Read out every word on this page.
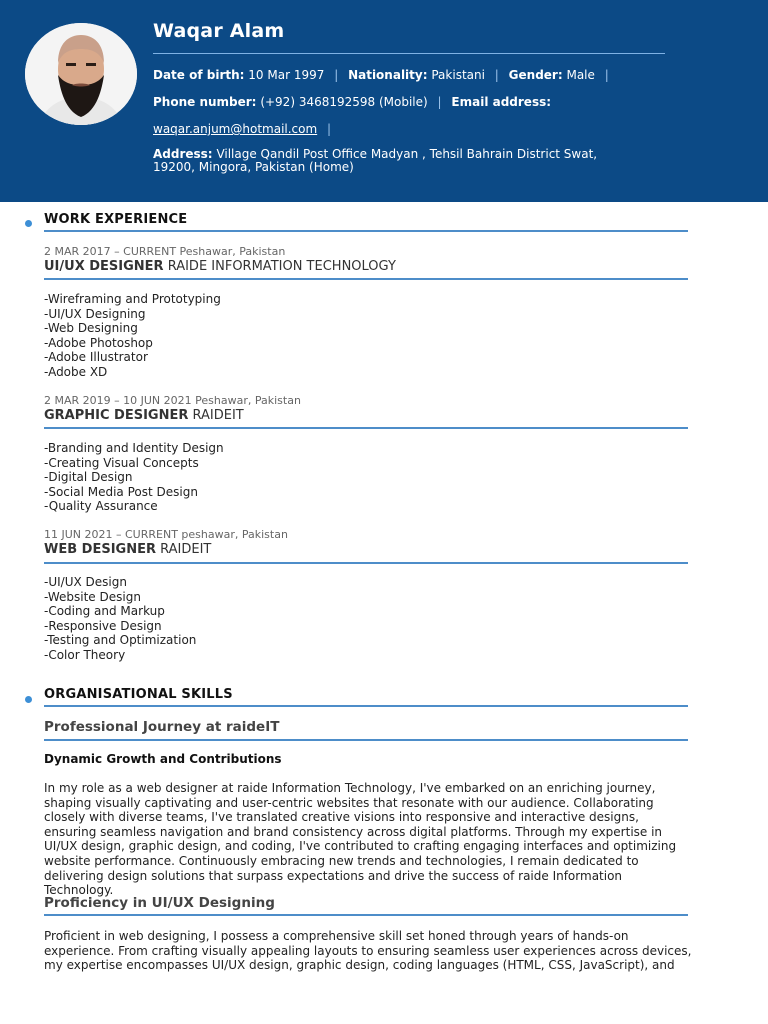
Waqar Alam
Date of birth: 10 Mar 1997 | Nationality: Pakistani | Gender: Male |
Phone number: (+92) 3468192598 (Mobile) | Email address:
waqar.anjum@hotmail.com |
Address: Village Qandil Post Office Madyan , Tehsil Bahrain District Swat, 19200, Mingora, Pakistan (Home)
WORK EXPERIENCE
2 MAR 2017 – CURRENT Peshawar, Pakistan
UI/UX DESIGNER RAIDE INFORMATION TECHNOLOGY
-Wireframing and Prototyping
-UI/UX Designing
-Web Designing
-Adobe Photoshop
-Adobe Illustrator
-Adobe XD
2 MAR 2019 – 10 JUN 2021 Peshawar, Pakistan
GRAPHIC DESIGNER RAIDEIT
-Branding and Identity Design
-Creating Visual Concepts
-Digital Design
-Social Media Post Design
-Quality Assurance
11 JUN 2021 – CURRENT peshawar, Pakistan
WEB DESIGNER RAIDEIT
-UI/UX Design
-Website Design
-Coding and Markup
-Responsive Design
-Testing and Optimization
-Color Theory
ORGANISATIONAL SKILLS
Professional Journey at raideIT
Dynamic Growth and Contributions

In my role as a web designer at raide Information Technology, I've embarked on an enriching journey, shaping visually captivating and user-centric websites that resonate with our audience. Collaborating closely with diverse teams, I've translated creative visions into responsive and interactive designs, ensuring seamless navigation and brand consistency across digital platforms. Through my expertise in UI/UX design, graphic design, and coding, I've contributed to crafting engaging interfaces and optimizing website performance. Continuously embracing new trends and technologies, I remain dedicated to delivering design solutions that surpass expectations and drive the success of raide Information Technology.

Proficiency in UI/UX Designing

Proficient in web designing, I possess a comprehensive skill set honed through years of hands-on experience. From crafting visually appealing layouts to ensuring seamless user experiences across devices, my expertise encompasses UI/UX design, graphic design, coding languages (HTML, CSS, JavaScript), and
